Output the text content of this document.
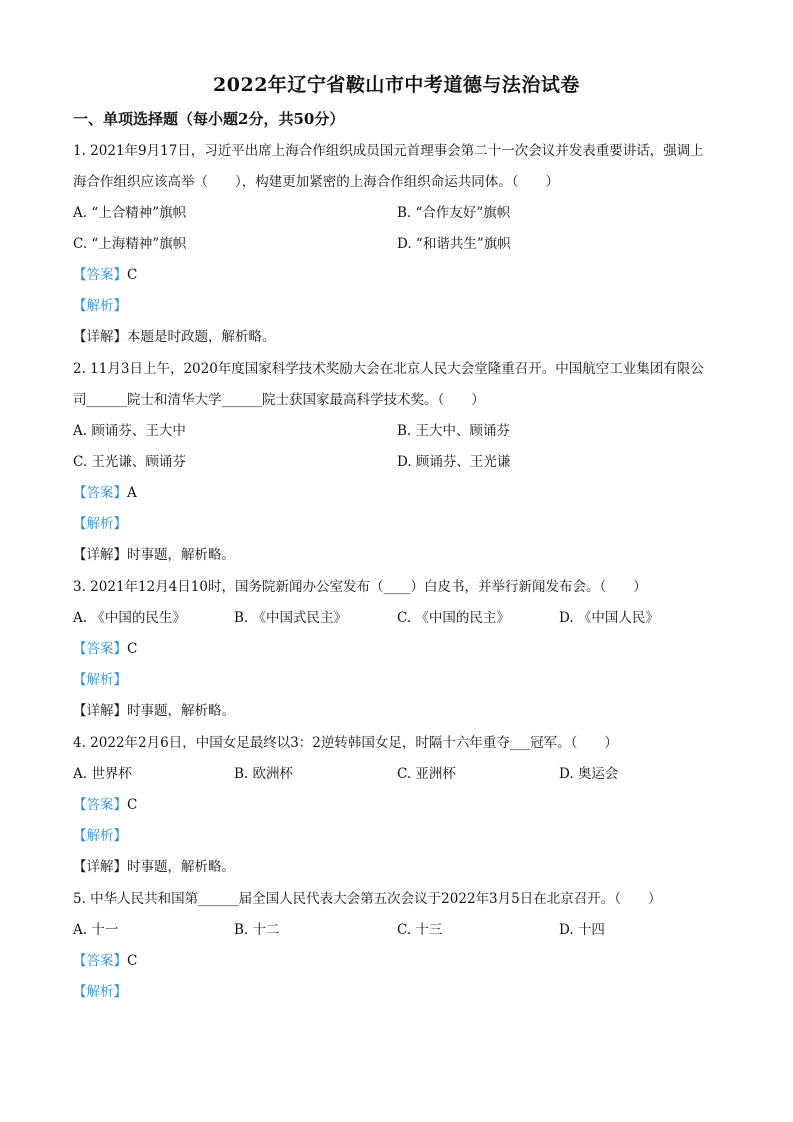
2022年辽宁省鞍山市中考道德与法治试卷
一、单项选择题（每小题2分，共50分）
1. 2021年9月17日，习近平出席上海合作组织成员国元首理事会第二十一次会议并发表重要讲话，强调上
海合作组织应该高举（　　），构建更加紧密的上海合作组织命运共同体。（　　）
A. “上合精神”旗帜	B. “合作友好”旗帜
C. “上海精神”旗帜	D. “和谐共生”旗帜
【答案】C
【解析】
【详解】本题是时政题，解析略。
2. 11月3日上午，2020年度国家科学技术奖励大会在北京人民大会堂隆重召开。中国航空工业集团有限公
司______院士和清华大学______院士获国家最高科学技术奖。（　　）
A. 顾诵芬、王大中	B. 王大中、顾诵芬
C. 王光谦、顾诵芬	D. 顾诵芬、王光谦
【答案】A
【解析】
【详解】时事题，解析略。
3. 2021年12月4日10时，国务院新闻办公室发布（____）白皮书，并举行新闻发布会。（　　）
A. 《中国的民生》	B. 《中国式民主》	C. 《中国的民主》	D. 《中国人民》
【答案】C
【解析】
【详解】时事题，解析略。
4. 2022年2月6日，中国女足最终以3：2逆转韩国女足，时隔十六年重夺___冠军。（　　）
A. 世界杯	B. 欧洲杯	C. 亚洲杯	D. 奥运会
【答案】C
【解析】
【详解】时事题，解析略。
5. 中华人民共和国第______届全国人民代表大会第五次会议于2022年3月5日在北京召开。（　　）
A. 十一	B. 十二	C. 十三	D. 十四
【答案】C
【解析】
